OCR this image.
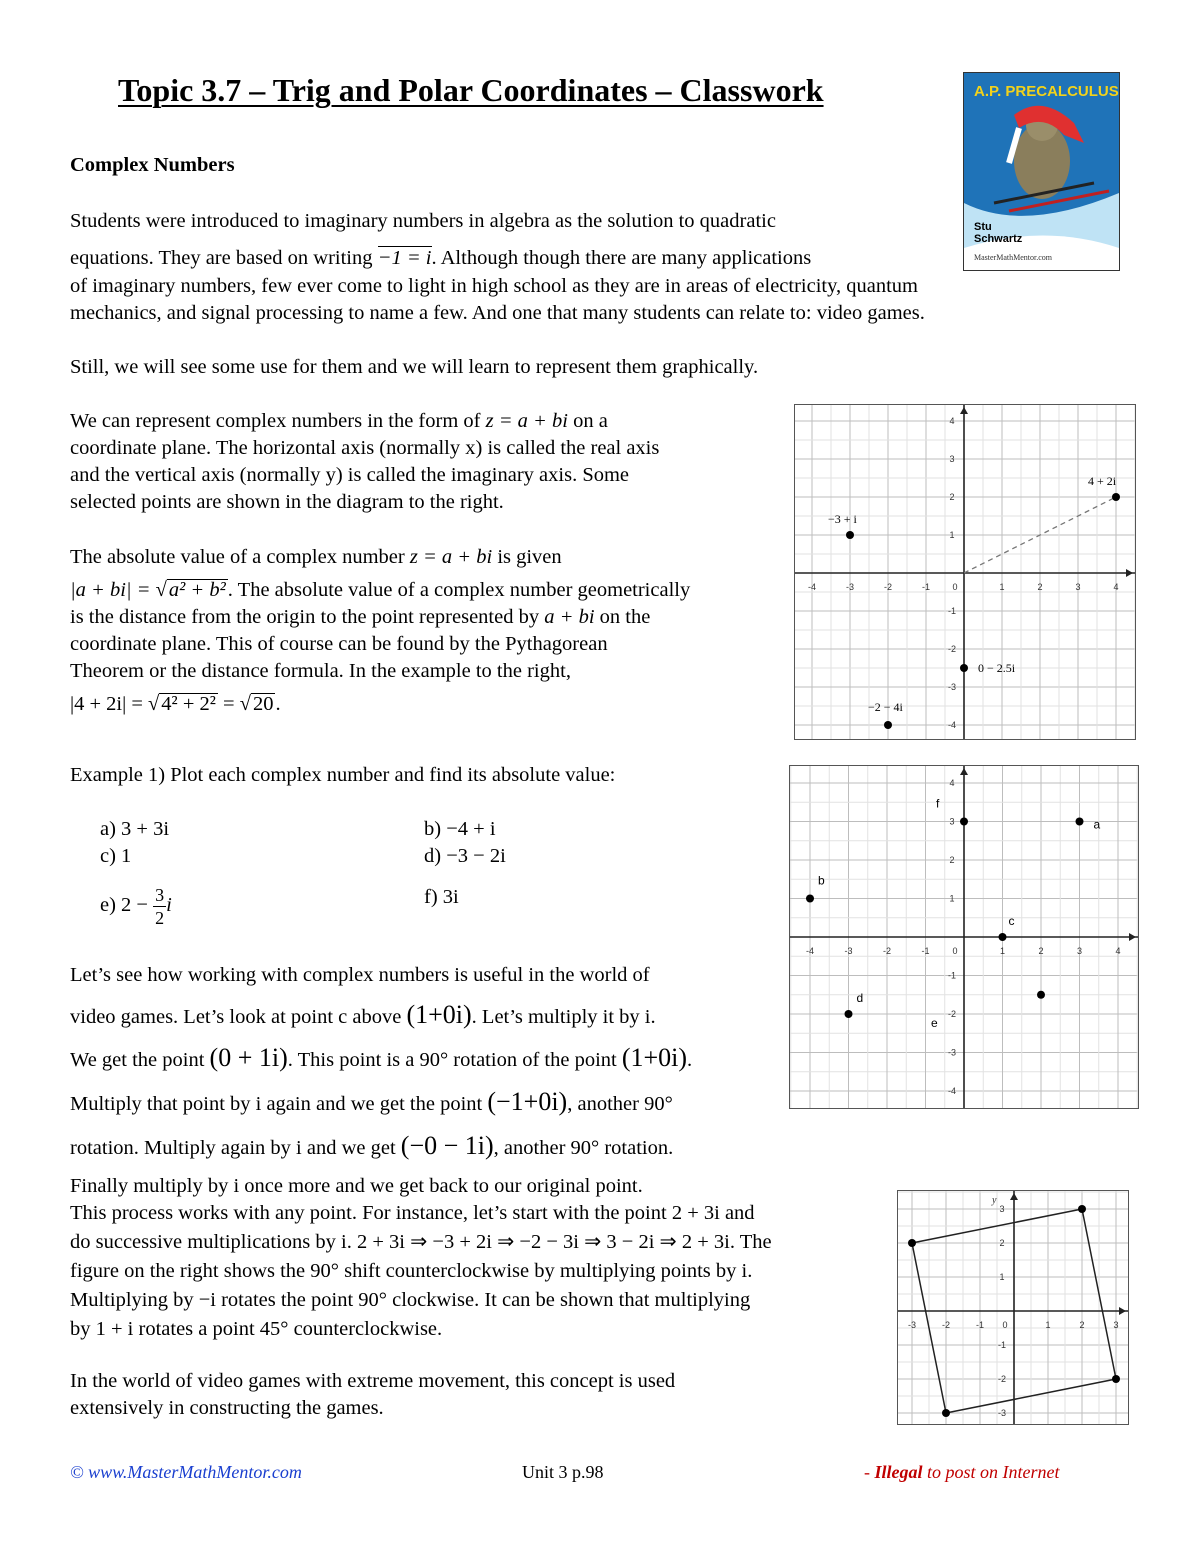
Topic 3.7 – Trig and Polar Coordinates – Classwork
Complex Numbers
A.P. PRECALCULUS
Stu
Schwartz
MasterMathMentor.com

Students were introduced to imaginary numbers in algebra as the solution to quadratic

equations. They are based on writing −1 = i. Although though there are many applications

of imaginary numbers, few ever come to light in high school as they are in areas of electricity, quantum

mechanics, and signal processing to name a few. And one that many students can relate to: video games.

Still, we will see some use for them and we will learn to represent them graphically.

We can represent complex numbers in the form of z = a + bi on a

coordinate plane. The horizontal axis (normally x) is called the real axis

and the vertical axis (normally y) is called the imaginary axis. Some

selected points are shown in the diagram to the right.

The absolute value of a complex number z = a + bi is given

|a + bi| = √a² + b². The absolute value of a complex number geometrically

is the distance from the origin to the point represented by a + bi on the

coordinate plane. This of course can be found by the Pythagorean

Theorem or the distance formula. In the example to the right,

|4 + 2i| = √4² + 2² = √20.

Example 1) Plot each complex number and find its absolute value:

a) 3 + 3i	b) −4 + i
c) 1	d) −3 − 2i
e) $2 - \frac{3}{2}$ i	f) 3i

Let’s see how working with complex numbers is useful in the world of

video games. Let’s look at point c above (1+0i). Let’s multiply it by i.

We get the point (0 + 1i). This point is a 90° rotation of the point (1+0i).

Multiply that point by i again and we get the point (−1+0i), another 90°

rotation. Multiply again by i and we get (−0 − 1i), another 90° rotation.

Finally multiply by i once more and we get back to our original point.

This process works with any point. For instance, let’s start with the point 2 + 3i and

do successive multiplications by i. 2 + 3i ⇒ −3 + 2i ⇒ −2 − 3i ⇒ 3 − 2i ⇒ 2 + 3i. The

figure on the right shows the 90° shift counterclockwise by multiplying points by i.

Multiplying by −i rotates the point 90° clockwise. It can be shown that multiplying

by 1 + i rotates a point 45° counterclockwise.

In the world of video games with extreme movement, this concept is used

extensively in constructing the games.

-4	-3	-2	-1 0	1	2	3	4
4
3
2
1
-1
-2
-3
-4
−3 + i
4 + 2i
0 − 2.5i
−2 − 4i
-4	-3	-2	-1	0	1	2	3	4
4
3
2
1
-1
-2
-3
-4
a
b
c
d
e
f
-3	-2	-1 0	1	2	3
3
2
1
-1
-2
-3
y
© www.MasterMathMentor.com	Unit 3 p.98	- Illegal to post on Internet
